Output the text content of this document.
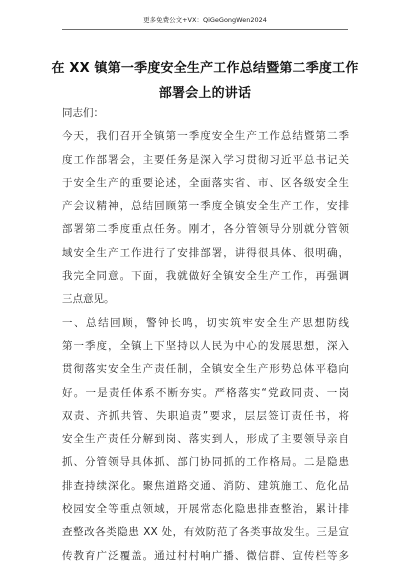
更多免费公文+VX：QiGeGongWen2024
在 XX 镇第一季度安全生产工作总结暨第二季度工作
部署会上的讲话
同志们：
今天，我们召开全镇第一季度安全生产工作总结暨第二季
度工作部署会，主要任务是深入学习贯彻习近平总书记关
于安全生产的重要论述，全面落实省、市、区各级安全生
产会议精神，总结回顾第一季度全镇安全生产工作，安排
部署第二季度重点任务。刚才，各分管领导分别就分管领
域安全生产工作进行了安排部署，讲得很具体、很明确，
我完全同意。下面，我就做好全镇安全生产工作，再强调
三点意见。
一、总结回顾，警钟长鸣，切实筑牢安全生产思想防线
第一季度，全镇上下坚持以人民为中心的发展思想，深入
贯彻落实安全生产责任制，全镇安全生产形势总体平稳向
好。一是责任体系不断夯实。严格落实“党政同责、一岗
双责、齐抓共管、失职追责”要求，层层签订责任书，将
安全生产责任分解到岗、落实到人，形成了主要领导亲自
抓、分管领导具体抓、部门协同抓的工作格局。二是隐患
排查持续深化。聚焦道路交通、消防、建筑施工、危化品
校园安全等重点领域，开展常态化隐患排查整治，累计排
查整改各类隐患 XX 处，有效防范了各类事故发生。三是宣
传教育广泛覆盖。通过村村响广播、微信群、宣传栏等多
